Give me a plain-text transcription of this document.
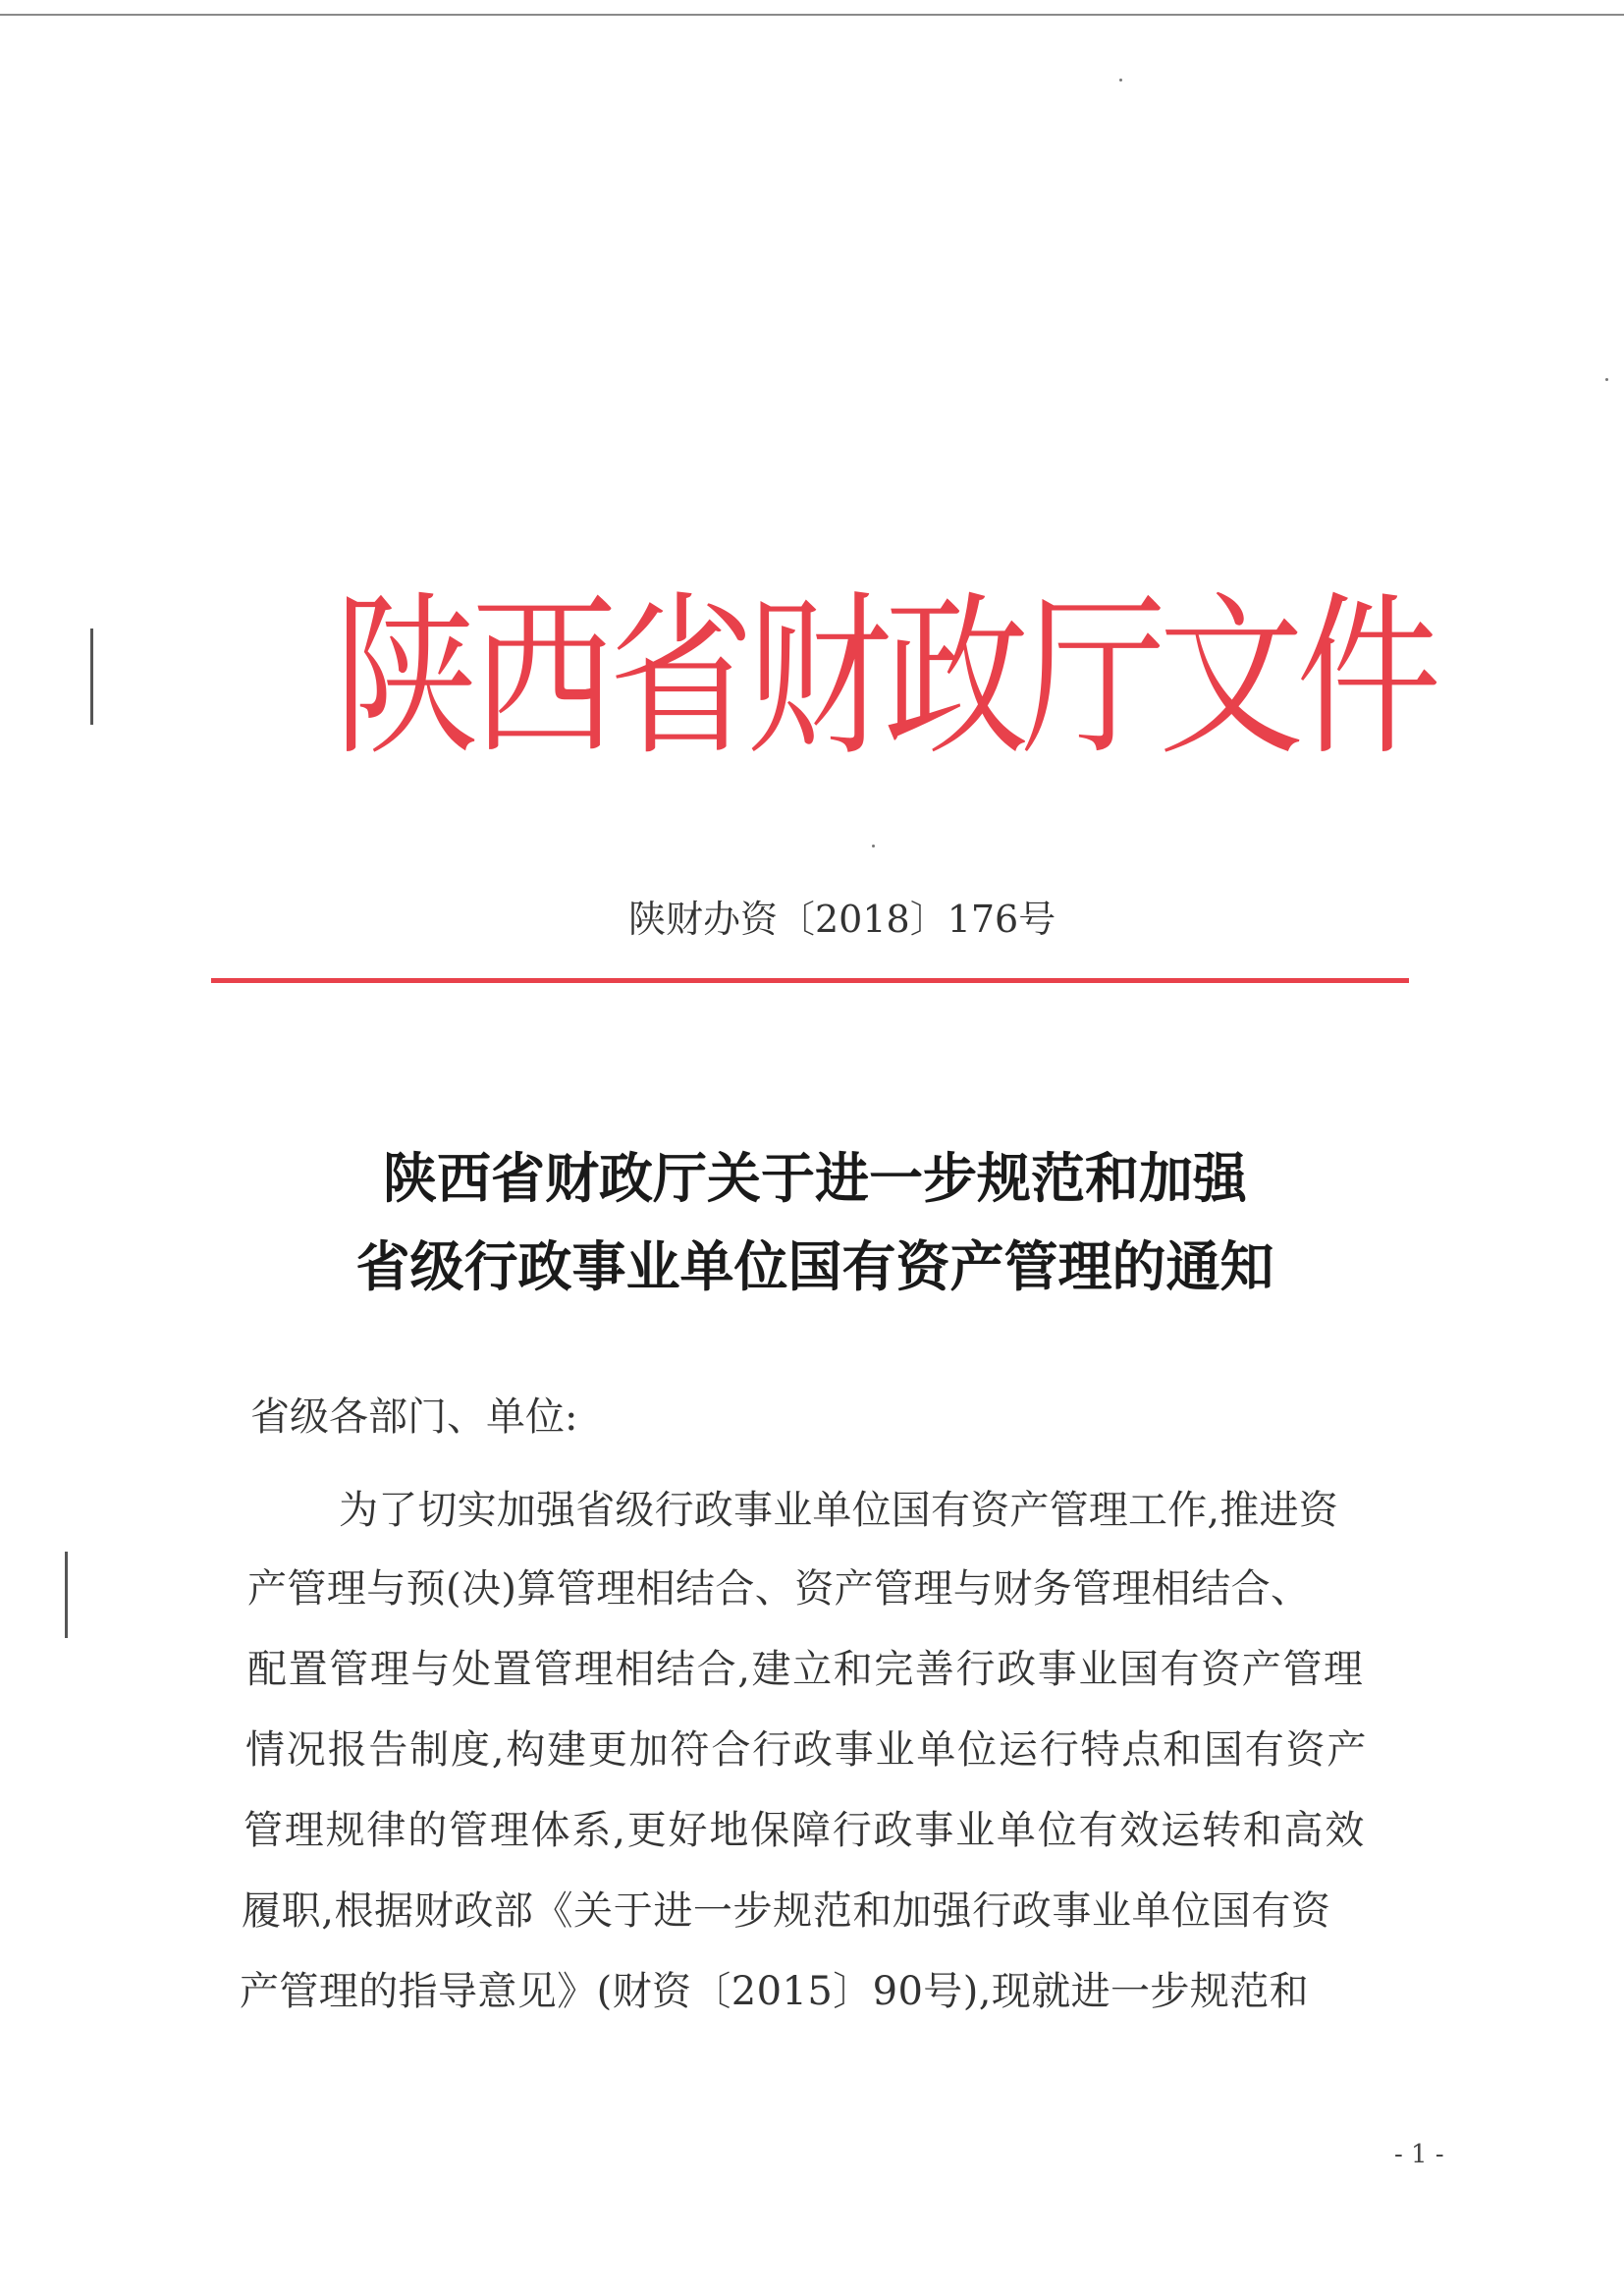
陕西省财政厅文件
陕财办资〔2018〕176号
陕西省财政厅关于进一步规范和加强
省级行政事业单位国有资产管理的通知
省级各部门、单位:
为了切实加强省级行政事业单位国有资产管理工作,推进资
产管理与预(决)算管理相结合、资产管理与财务管理相结合、
配置管理与处置管理相结合,建立和完善行政事业国有资产管理
情况报告制度,构建更加符合行政事业单位运行特点和国有资产
管理规律的管理体系,更好地保障行政事业单位有效运转和高效
履职,根据财政部《关于进一步规范和加强行政事业单位国有资
产管理的指导意见》(财资〔2015〕90号),现就进一步规范和
- 1 -
